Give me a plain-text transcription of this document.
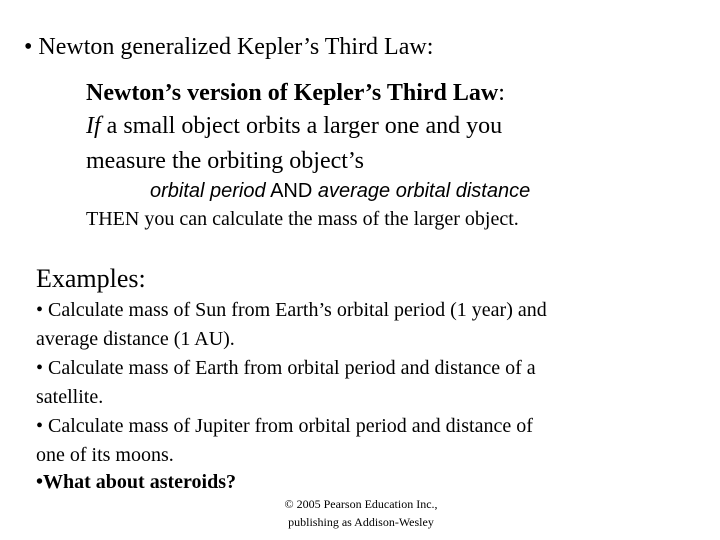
• Newton generalized Kepler’s Third Law:
Newton’s version of Kepler’s Third Law:
If a small object orbits a larger one and you
measure the orbiting object’s
orbital period AND average orbital distance
THEN you can calculate the mass of the larger object.
Examples:
• Calculate mass of Sun from Earth’s orbital period (1 year) and
average distance (1 AU).
• Calculate mass of Earth from orbital period and distance of a
satellite.
• Calculate mass of Jupiter from orbital period and distance of
one of its moons.
•What about asteroids?
© 2005 Pearson Education Inc.,
publishing as Addison-Wesley
